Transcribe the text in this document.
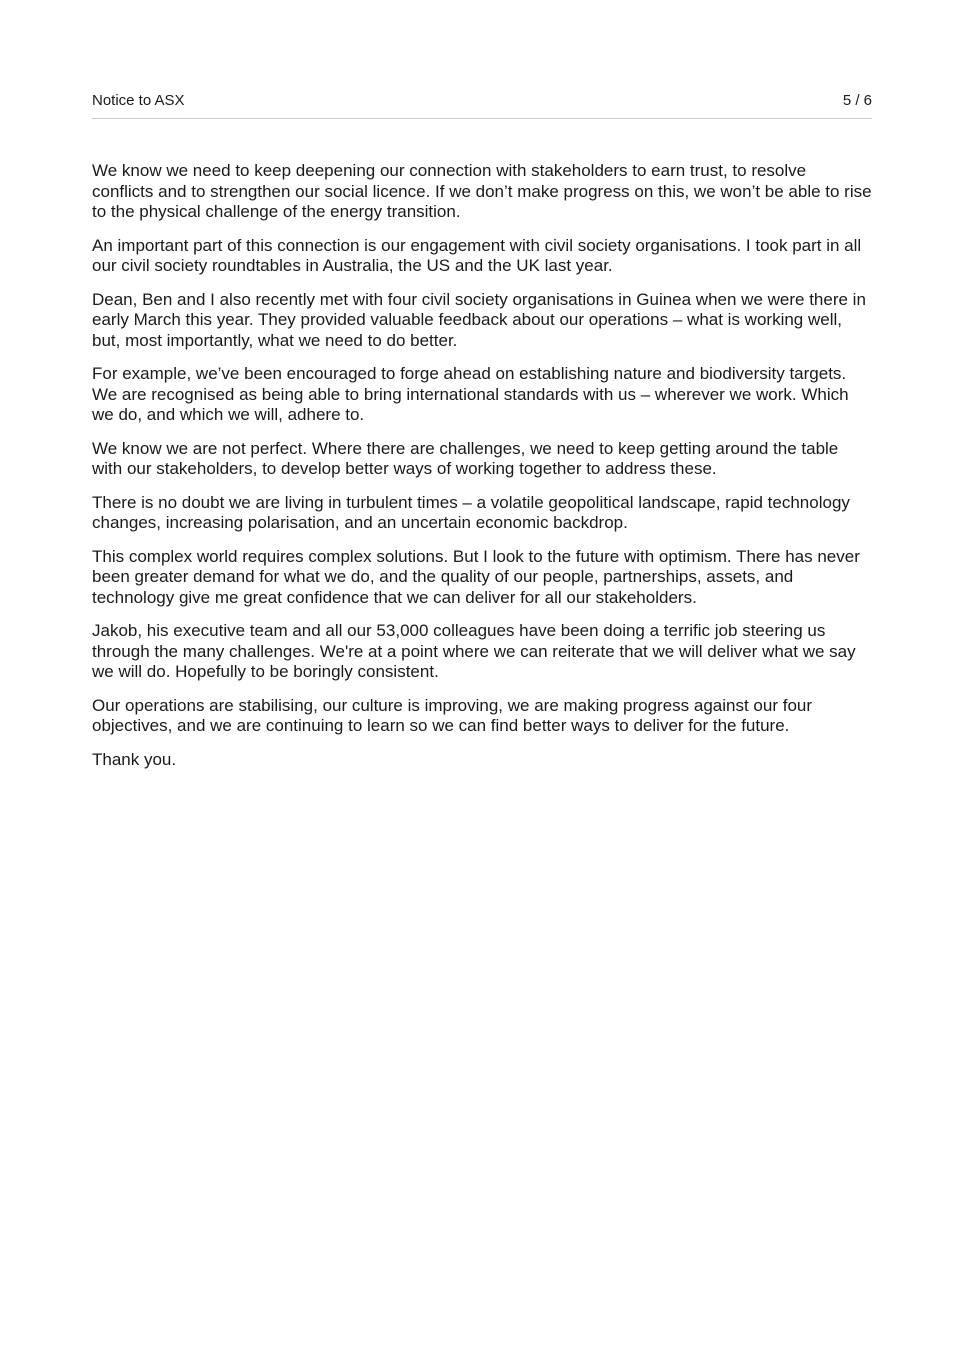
Notice to ASX	5 / 6

We know we need to keep deepening our connection with stakeholders to earn trust, to resolve conflicts and to strengthen our social licence. If we don’t make progress on this, we won’t be able to rise to the physical challenge of the energy transition.

An important part of this connection is our engagement with civil society organisations. I took part in all our civil society roundtables in Australia, the US and the UK last year.

Dean, Ben and I also recently met with four civil society organisations in Guinea when we were there in early March this year. They provided valuable feedback about our operations – what is working well, but, most importantly, what we need to do better.

For example, we’ve been encouraged to forge ahead on establishing nature and biodiversity targets. We are recognised as being able to bring international standards with us – wherever we work. Which we do, and which we will, adhere to.

We know we are not perfect. Where there are challenges, we need to keep getting around the table with our stakeholders, to develop better ways of working together to address these.

There is no doubt we are living in turbulent times – a volatile geopolitical landscape, rapid technology changes, increasing polarisation, and an uncertain economic backdrop.

This complex world requires complex solutions. But I look to the future with optimism. There has never been greater demand for what we do, and the quality of our people, partnerships, assets, and technology give me great confidence that we can deliver for all our stakeholders.

Jakob, his executive team and all our 53,000 colleagues have been doing a terrific job steering us through the many challenges. We're at a point where we can reiterate that we will deliver what we say we will do. Hopefully to be boringly consistent.

Our operations are stabilising, our culture is improving, we are making progress against our four objectives, and we are continuing to learn so we can find better ways to deliver for the future.

Thank you.
